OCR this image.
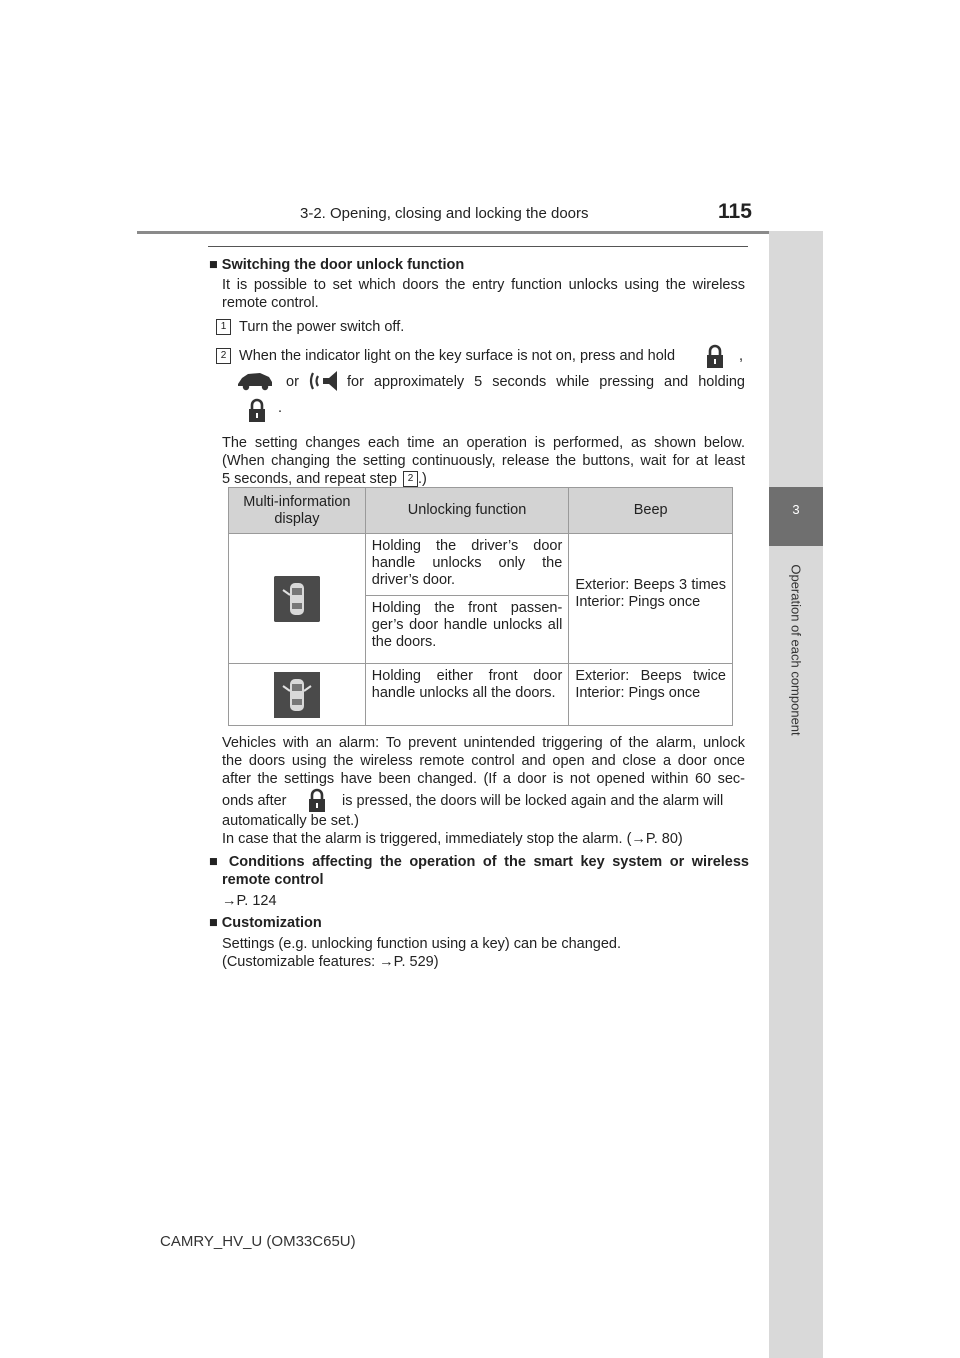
3-2. Opening, closing and locking the doors	115
3
Operation of each component
■ Switching the door unlock function
It is possible to set which doors the entry function unlocks using the wireless
remote control.
1 Turn the power switch off.
2 When the indicator light on the key surface is not on, press and hold	,
or	for approximately 5 seconds while pressing and holding
.
The setting changes each time an operation is performed, as shown below.
(When changing the setting continuously, release the buttons, wait for at least
5 seconds, and repeat step 2 .)
Multi-information display	Unlocking function	Beep

Holding the driver’s door handle unlocks only the driver’s door.	Exterior: Beeps 3 times Interior: Pings once

	Holding the front passen- ger’s door handle unlocks all the doors.	

Holding either front door handle unlocks all the doors.	Exterior: Beeps twice
Interior: Pings once
Vehicles with an alarm: To prevent unintended triggering of the alarm, unlock
the doors using the wireless remote control and open and close a door once
after the settings have been changed. (If a door is not opened within 60 sec-
onds after	is pressed, the doors will be locked again and the alarm will
automatically be set.)
In case that the alarm is triggered, immediately stop the alarm. (→P. 80)
■ Conditions affecting the operation of the smart key system or wireless
remote control
→P. 124
■ Customization
Settings (e.g. unlocking function using a key) can be changed.
(Customizable features: →P. 529)
CAMRY_HV_U (OM33C65U)
